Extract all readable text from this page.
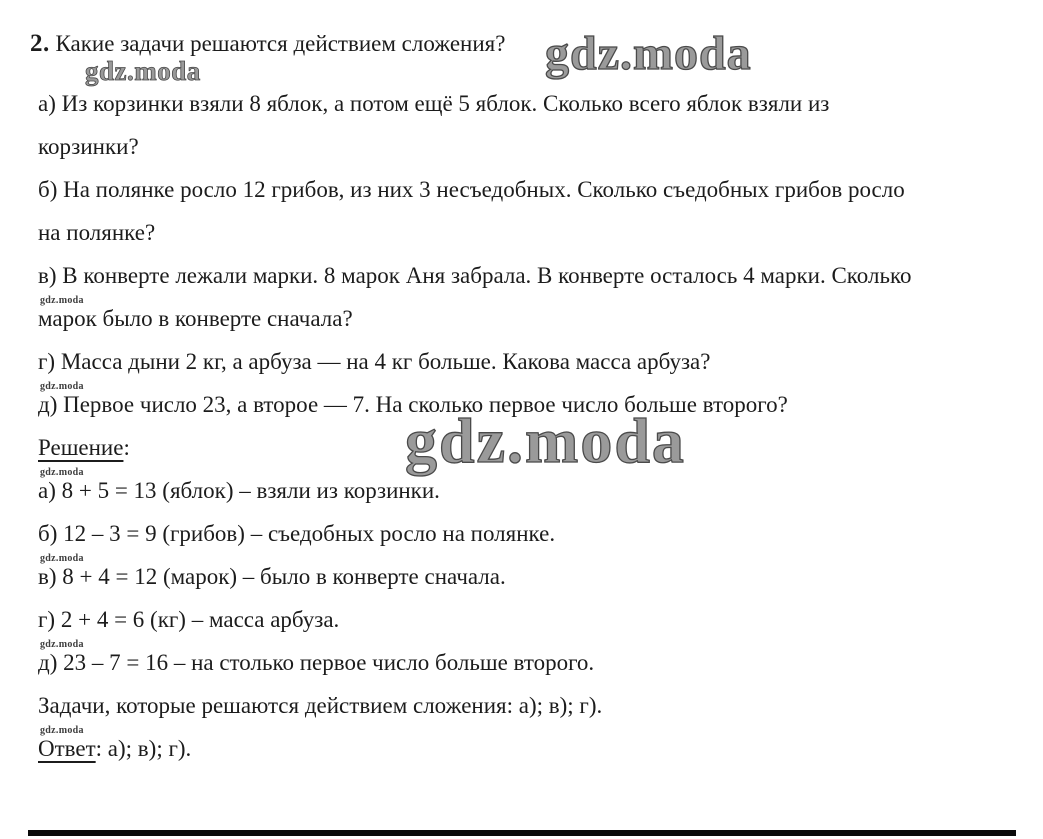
gdz.moda
gdz.moda
gdz.moda
2. Какие задачи решаются действием сложения?
а) Из корзинки взяли 8 яблок, а потом ещё 5 яблок. Сколько всего яблок взяли из
корзинки?
б) На полянке росло 12 грибов, из них 3 несъедобных. Сколько съедобных грибов росло
на полянке?
в) В конверте лежали марки. 8 марок Аня забрала. В конверте осталось 4 марки. Сколько
gdz.moda
марок было в конверте сначала?
г) Масса дыни 2 кг, а арбуза — на 4 кг больше. Какова масса арбуза?
gdz.moda
д) Первое число 23, а второе — 7. На сколько первое число больше второго?
Решение:
gdz.moda
а) 8 + 5 = 13 (яблок) – взяли из корзинки.
б) 12 – 3 = 9 (грибов) – съедобных росло на полянке.
gdz.moda
в) 8 + 4 = 12 (марок) – было в конверте сначала.
г) 2 + 4 = 6 (кг) – масса арбуза.
gdz.moda
д) 23 – 7 = 16 – на столько первое число больше второго.
Задачи, которые решаются действием сложения: а); в); г).
gdz.moda
Ответ: а); в); г).
